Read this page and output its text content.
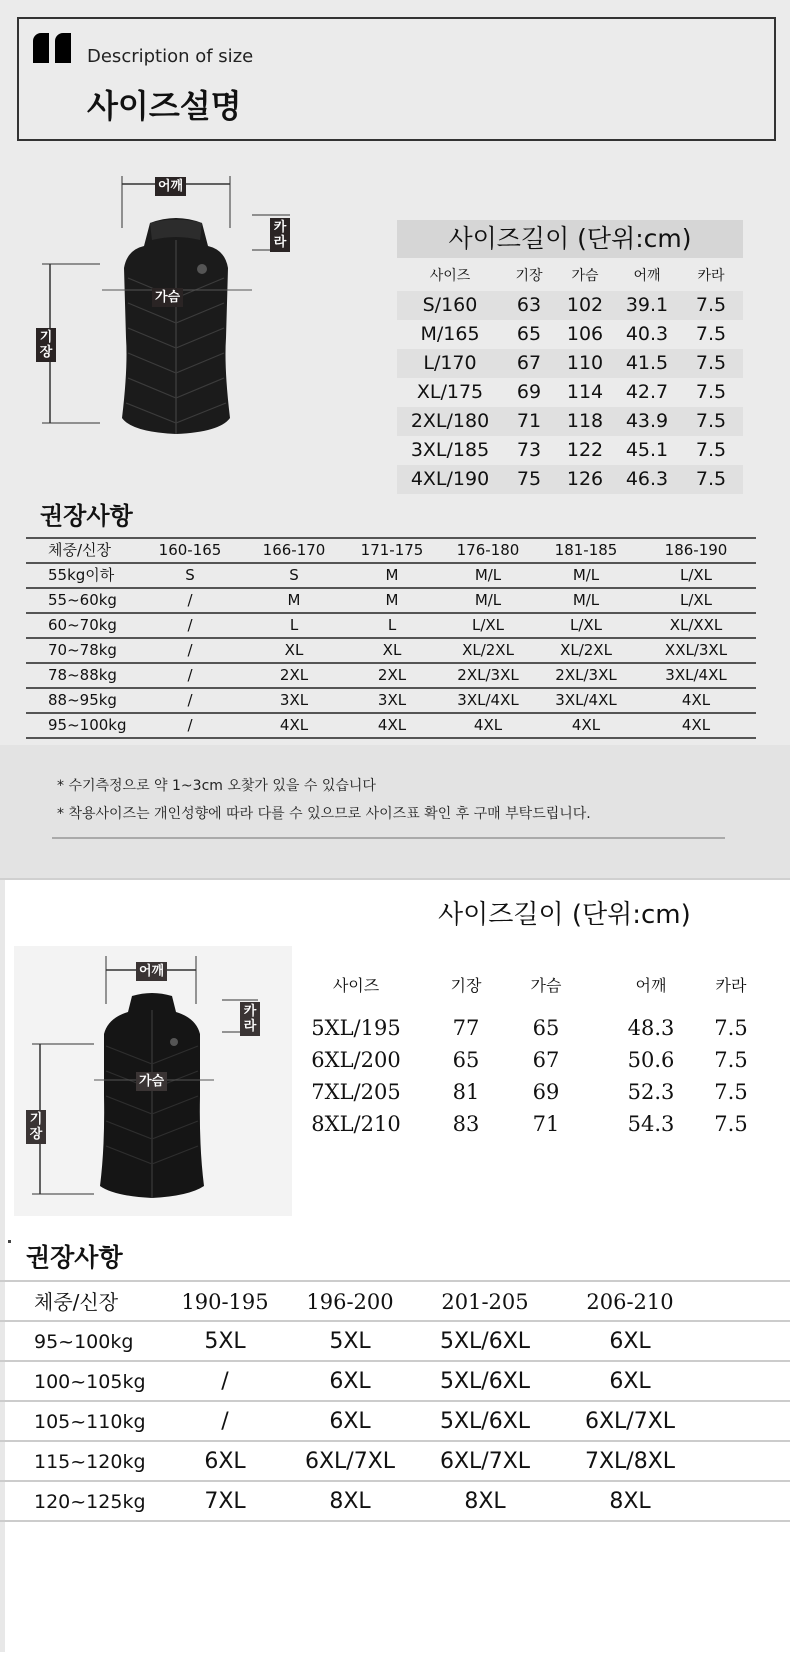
Description of size
사이즈설명
어깨
카
라
가슴
기
장
사이즈길이 (단위:cm)
사이즈	기장	가슴	어깨	카라
S/160	63	102	39.1	7.5
M/165	65	106	40.3	7.5
L/170	67	110	41.5	7.5
XL/175	69	114	42.7	7.5
2XL/180	71	118	43.9	7.5
3XL/185	73	122	45.1	7.5
4XL/190	75	126	46.3	7.5
권장사항
체중/신장	160-165	166-170	171-175	176-180	181-185	186-190
55kg이하	S	S	M	M/L	M/L	L/XL
55~60kg	/	M	M	M/L	M/L	L/XL
60~70kg	/	L	L	L/XL	L/XL	XL/XXL
70~78kg	/	XL	XL	XL/2XL	XL/2XL	XXL/3XL
78~88kg	/	2XL	2XL	2XL/3XL	2XL/3XL	3XL/4XL
88~95kg	/	3XL	3XL	3XL/4XL	3XL/4XL	4XL
95~100kg	/	4XL	4XL	4XL	4XL	4XL
* 수기측정으로 약 1~3cm 오찿가 있을 수 있습니다
* 착용사이즈는 개인성향에 따라 다를 수 있으므로 사이즈표 확인 후 구매 부탁드립니다.
사이즈길이 (단위:cm)
어깨
카
라
가슴
기
장
사이즈	기장	가슴	어깨	카라
5XL/195	77	65	48.3	7.5
6XL/200	65	67	50.6	7.5
7XL/205	81	69	52.3	7.5
8XL/210	83	71	54.3	7.5
권장사항
체중/신장	190-195	196-200	201-205	206-210
95~100kg	5XL	5XL	5XL/6XL	6XL
100~105kg	/	6XL	5XL/6XL	6XL
105~110kg	/	6XL	5XL/6XL	6XL/7XL
115~120kg	6XL	6XL/7XL	6XL/7XL	7XL/8XL
120~125kg	7XL	8XL	8XL	8XL
